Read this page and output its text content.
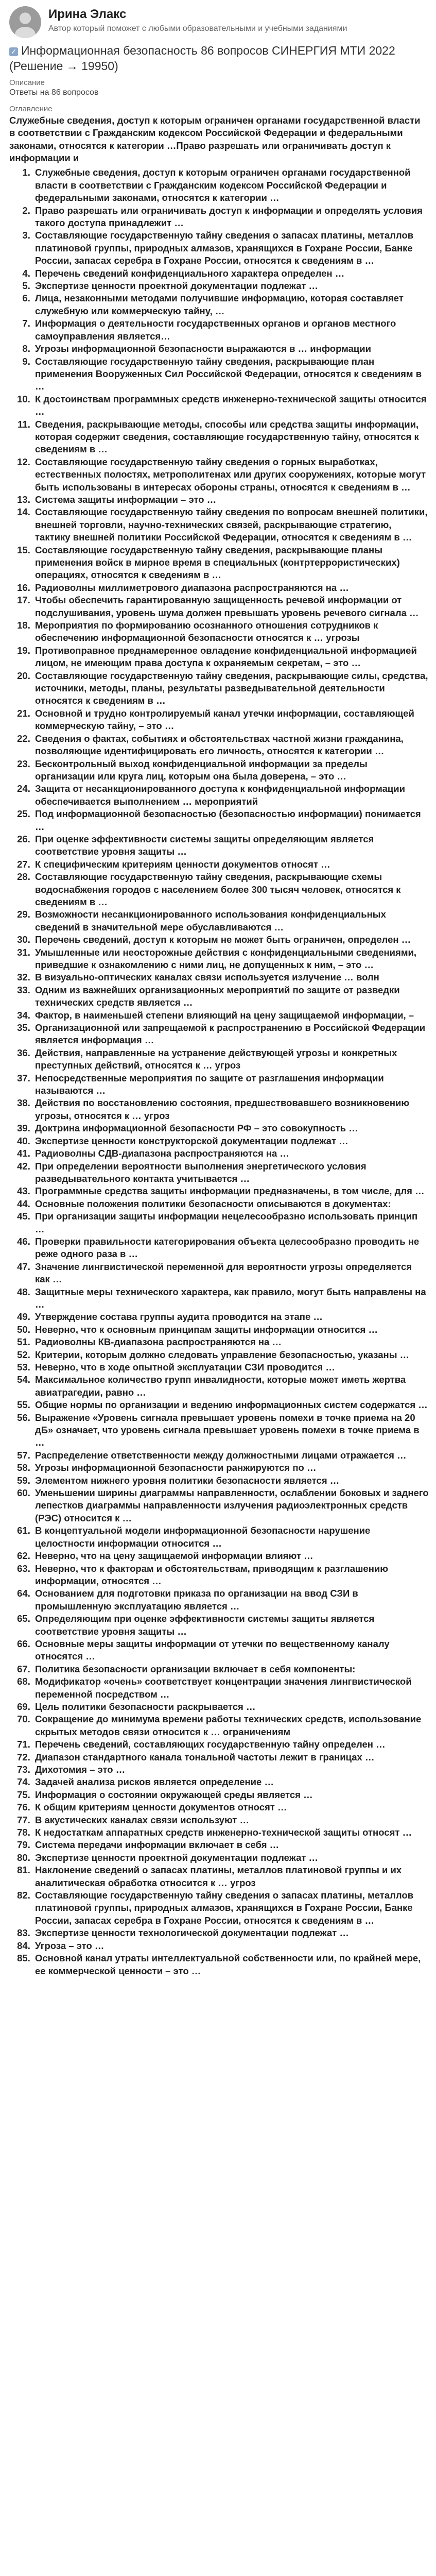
Ирина Элакс
Автор который поможет с любыми образовательными и учебными заданиями
✓ Информационная безопасность 86 вопросов СИНЕРГИЯ МТИ 2022 (Решение → 19950)
Описание
Ответы на 86 вопросов
Оглавление
Служебные сведения, доступ к которым ограничен органами государственной власти в соответствии с Гражданским кодексом Российской Федерации и федеральными законами, относятся к категории …Право разрешать или ограничивать доступ к информации и
1. Служебные сведения, доступ к которым ограничен органами государственной власти в соответствии с Гражданским кодексом Российской Федерации и федеральными законами, относятся к категории …
2. Право разрешать или ограничивать доступ к информации и определять условия такого доступа принадлежит …
3. Составляющие государственную тайну сведения о запасах платины, металлов платиновой группы, природных алмазов, хранящихся в Гохране России, Банке России, запасах серебра в Гохране России, относятся к сведениям в …
4. Перечень сведений конфиденциального характера определен …
5. Экспертизе ценности проектной документации подлежат …
6. Лица, незаконными методами получившие информацию, которая составляет служебную или коммерческую тайну, …
7. Информация о деятельности государственных органов и органов местного самоуправления является…
8. Угрозы информационной безопасности выражаются в … информации
9. Составляющие государственную тайну сведения, раскрывающие план применения Вооруженных Сил Российской Федерации, относятся к сведениям в …
10. К достоинствам программных средств инженерно-технической защиты относится …
11. Сведения, раскрывающие методы, способы или средства защиты информации, которая содержит сведения, составляющие государственную тайну, относятся к сведениям в …
12. Составляющие государственную тайну сведения о горных выработках, естественных полостях, метрополитенах или других сооружениях, которые могут быть использованы в интересах обороны страны, относятся к сведениям в …
13. Система защиты информации – это …
14. Составляющие государственную тайну сведения по вопросам внешней политики, внешней торговли, научно-технических связей, раскрывающие стратегию, тактику внешней политики Российской Федерации, относятся к сведениям в …
15. Составляющие государственную тайну сведения, раскрывающие планы применения войск в мирное время в специальных (контртеррористических) операциях, относятся к сведениям в …
16. Радиоволны миллиметрового диапазона распространяются на …
17. Чтобы обеспечить гарантированную защищенность речевой информации от подслушивания, уровень шума должен превышать уровень речевого сигнала …
18. Мероприятия по формированию осознанного отношения сотрудников к обеспечению информационной безопасности относятся к … угрозы
19. Противоправное преднамеренное овладение конфиденциальной информацией лицом, не имеющим права доступа к охраняемым секретам, – это …
20. Составляющие государственную тайну сведения, раскрывающие силы, средства, источники, методы, планы, результаты разведывательной деятельности относятся к сведениям в …
21. Основной и трудно контролируемый канал утечки информации, составляющей коммерческую тайну, – это …
22. Сведения о фактах, событиях и обстоятельствах частной жизни гражданина, позволяющие идентифицировать его личность, относятся к категории …
23. Бесконтрольный выход конфиденциальной информации за пределы организации или круга лиц, которым она была доверена, – это …
24. Защита от несанкционированного доступа к конфиденциальной информации обеспечивается выполнением … мероприятий
25. Под информационной безопасностью (безопасностью информации) понимается …
26. При оценке эффективности системы защиты определяющим является соответствие уровня защиты …
27. К специфическим критериям ценности документов относят …
28. Составляющие государственную тайну сведения, раскрывающие схемы водоснабжения городов с населением более 300 тысяч человек, относятся к сведениям в …
29. Возможности несанкционированного использования конфиденциальных сведений в значительной мере обуславливаются …
30. Перечень сведений, доступ к которым не может быть ограничен, определен …
31. Умышленные или неосторожные действия с конфиденциальными сведениями, приведшие к ознакомлению с ними лиц, не допущенных к ним, – это …
32. В визуально-оптических каналах связи используется излучение … волн
33. Одним из важнейших организационных мероприятий по защите от разведки технических средств является …
34. Фактор, в наименьшей степени влияющий на цену защищаемой информации, –
35. Организационной или запрещаемой к распространению в Российской Федерации является информация …
36. Действия, направленные на устранение действующей угрозы и конкретных преступных действий, относятся к … угроз
37. Непосредственные мероприятия по защите от разглашения информации называются …
38. Действия по восстановлению состояния, предшествовавшего возникновению угрозы, относятся к … угроз
39. Доктрина информационной безопасности РФ – это совокупность …
40. Экспертизе ценности конструкторской документации подлежат …
41. Радиоволны СДВ-диапазона распространяются на …
42. При определении вероятности выполнения энергетического условия разведывательного контакта учитывается …
43. Программные средства защиты информации предназначены, в том числе, для …
44. Основные положения политики безопасности описываются в документах:
45. При организации защиты информации нецелесообразно использовать принцип …
46. Проверки правильности категорирования объекта целесообразно проводить не реже одного раза в …
47. Значение лингвистической переменной для вероятности угрозы определяется как …
48. Защитные меры технического характера, как правило, могут быть направлены на …
49. Утверждение состава группы аудита проводится на этапе …
50. Неверно, что к основным принципам защиты информации относится …
51. Радиоволны КВ-диапазона распространяются на …
52. Критерии, которым должно следовать управление безопасностью, указаны …
53. Неверно, что в ходе опытной эксплуатации СЗИ проводится …
54. Максимальное количество групп инвалидности, которые может иметь жертва авиатрагедии, равно …
55. Общие нормы по организации и ведению информационных систем содержатся …
56. Выражение «Уровень сигнала превышает уровень помехи в точке приема на 20 дБ» означает, что уровень сигнала превышает уровень помехи в точке приема в …
57. Распределение ответственности между должностными лицами отражается …
58. Угрозы информационной безопасности ранжируются по …
59. Элементом нижнего уровня политики безопасности является …
60. Уменьшении ширины диаграммы направленности, ослаблении боковых и заднего лепестков диаграммы направленности излучения радиоэлектронных средств (РЭС) относится к …
61. В концептуальной модели информационной безопасности нарушение целостности информации относится …
62. Неверно, что на цену защищаемой информации влияют …
63. Неверно, что к факторам и обстоятельствам, приводящим к разглашению информации, относятся …
64. Основанием для подготовки приказа по организации на ввод СЗИ в промышленную эксплуатацию является …
65. Определяющим при оценке эффективности системы защиты является соответствие уровня защиты …
66. Основные меры защиты информации от утечки по вещественному каналу относятся …
67. Политика безопасности организации включает в себя компоненты:
68. Модификатор «очень» соответствует концентрации значения лингвистической переменной посредством …
69. Цель политики безопасности раскрывается …
70. Сокращение до минимума времени работы технических средств, использование скрытых методов связи относится к … ограничениям
71. Перечень сведений, составляющих государственную тайну определен …
72. Диапазон стандартного канала тональной частоты лежит в границах …
73. Дихотомия – это …
74. Задачей анализа рисков является определение …
75. Информация о состоянии окружающей среды является …
76. К общим критериям ценности документов относят …
77. В акустических каналах связи используют …
78. К недостаткам аппаратных средств инженерно-технической защиты относят …
79. Система передачи информации включает в себя …
80. Экспертизе ценности проектной документации подлежат …
81. Наклонение сведений о запасах платины, металлов платиновой группы и их аналитическая обработка относится к … угроз
82. Составляющие государственную тайну сведения о запасах платины, металлов платиновой группы, природных алмазов, хранящихся в Гохране России, Банке России, запасах серебра в Гохране России, относятся к сведениям в …
83. Экспертизе ценности технологической документации подлежат …
84. Угроза – это …
85. Основной канал утраты интеллектуальной собственности или, по крайней мере, ее коммерческой ценности – это …
